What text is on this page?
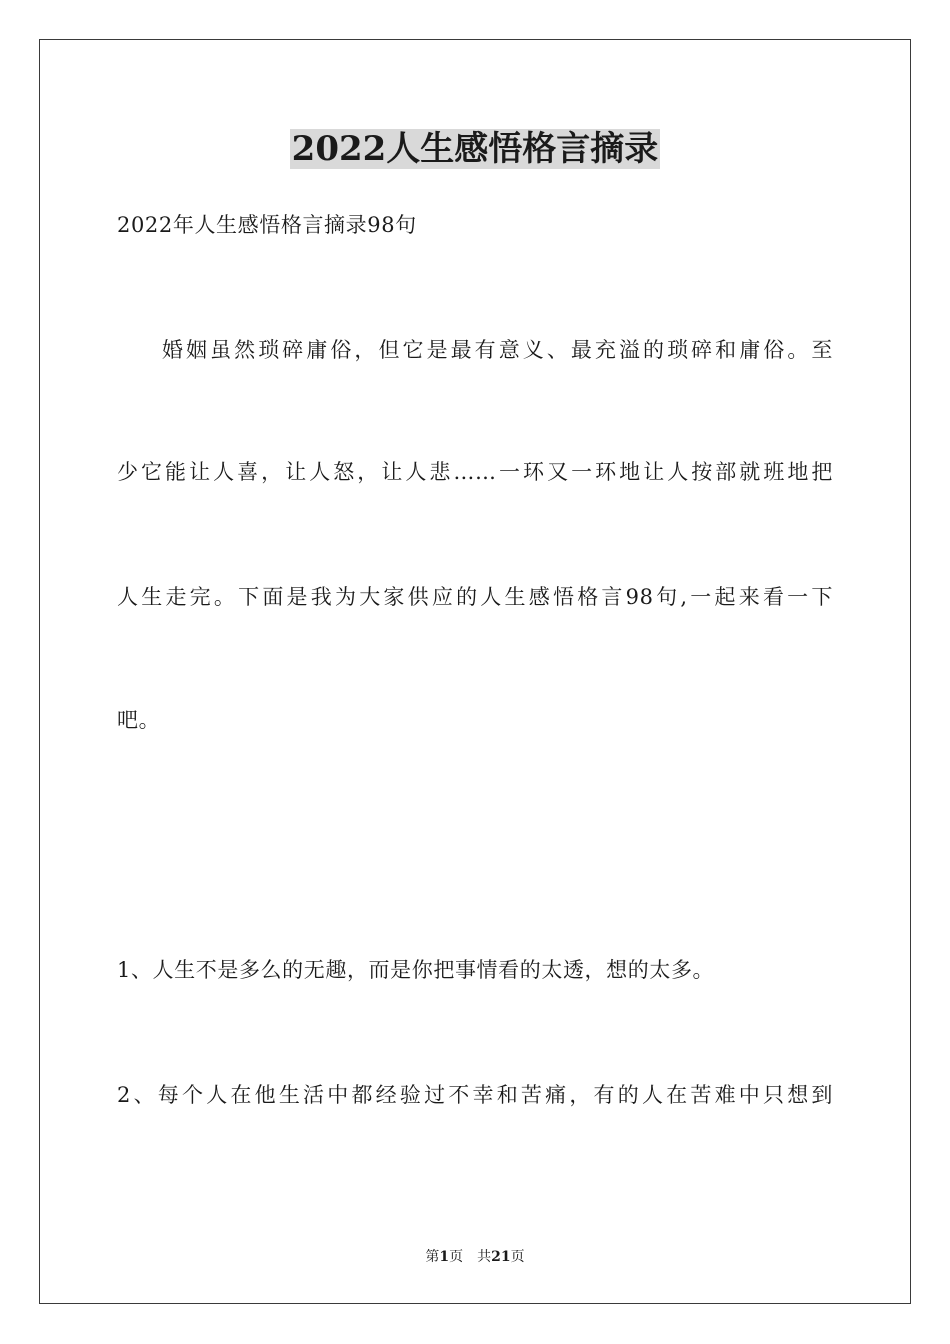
2022人生感悟格言摘录
2022年人生感悟格言摘录98句
婚姻虽然琐碎庸俗，但它是最有意义、最充溢的琐碎和庸俗。至
少它能让人喜，让人怒，让人悲……一环又一环地让人按部就班地把
人生走完。下面是我为大家供应的人生感悟格言98句,一起来看一下
吧。
1、人生不是多么的无趣，而是你把事情看的太透，想的太多。
2、每个人在他生活中都经验过不幸和苦痛，有的人在苦难中只想到
第1页 共21页
